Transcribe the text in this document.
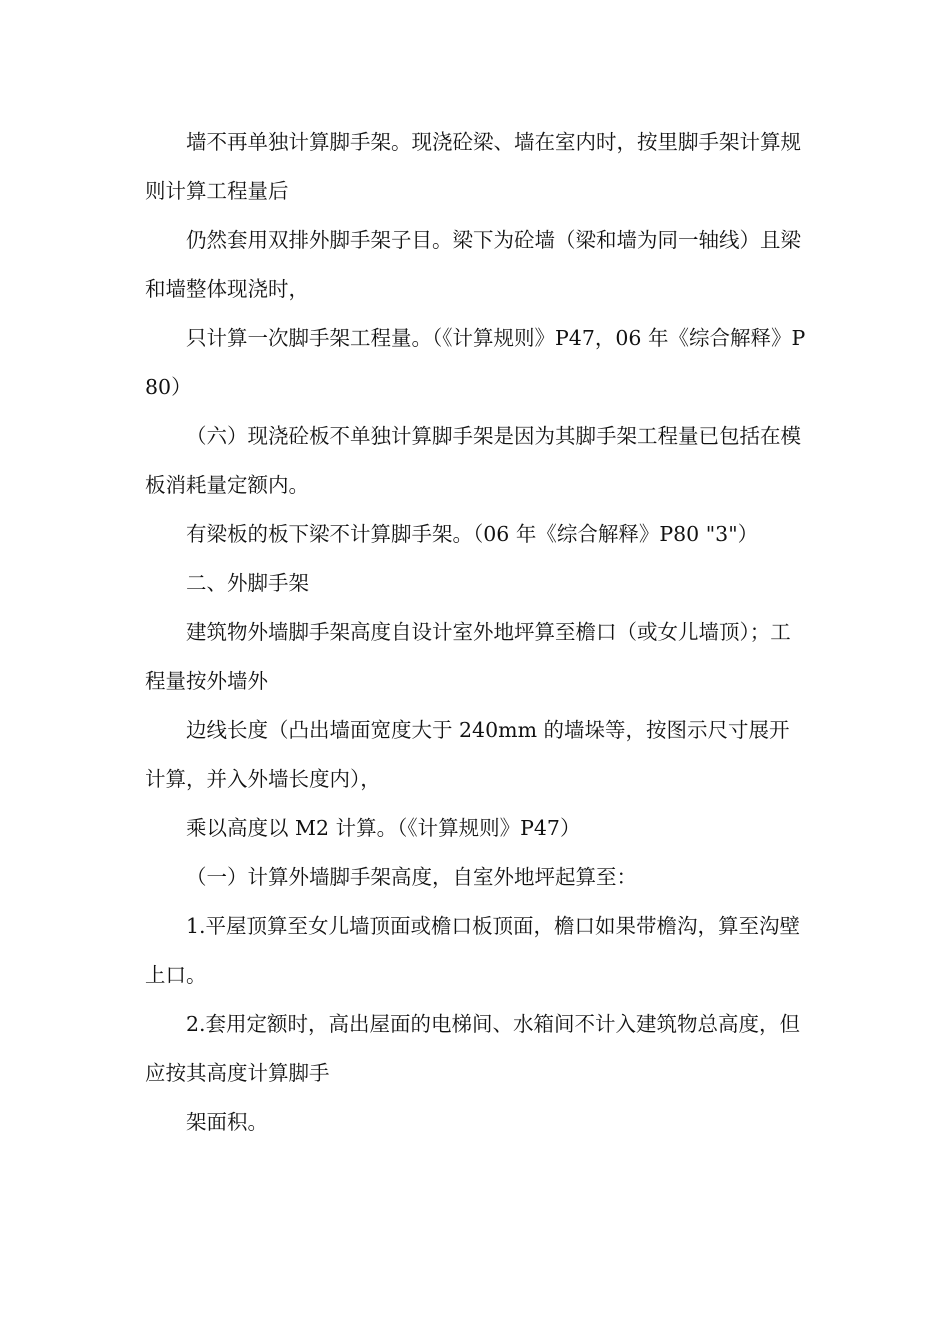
墙不再单独计算脚手架。现浇砼梁、墙在室内时，按里脚手架计算规则计算工程量后

仍然套用双排外脚手架子目。梁下为砼墙（梁和墙为同一轴线）且梁和墙整体现浇时，

只计算一次脚手架工程量。（《计算规则》P47，06 年《综合解释》P80）

（六）现浇砼板不单独计算脚手架是因为其脚手架工程量已包括在模板消耗量定额内。

有梁板的板下梁不计算脚手架。（06 年《综合解释》P80 "3"）

二、外脚手架

建筑物外墙脚手架高度自设计室外地坪算至檐口（或女儿墙顶）；工程量按外墙外

边线长度（凸出墙面宽度大于 240mm 的墙垛等，按图示尺寸展开计算，并入外墙长度内），

乘以高度以 M2 计算。（《计算规则》P47）

（一）计算外墙脚手架高度，自室外地坪起算至：

1.平屋顶算至女儿墙顶面或檐口板顶面，檐口如果带檐沟，算至沟壁上口。

2.套用定额时，高出屋面的电梯间、水箱间不计入建筑物总高度，但应按其高度计算脚手

架面积。
